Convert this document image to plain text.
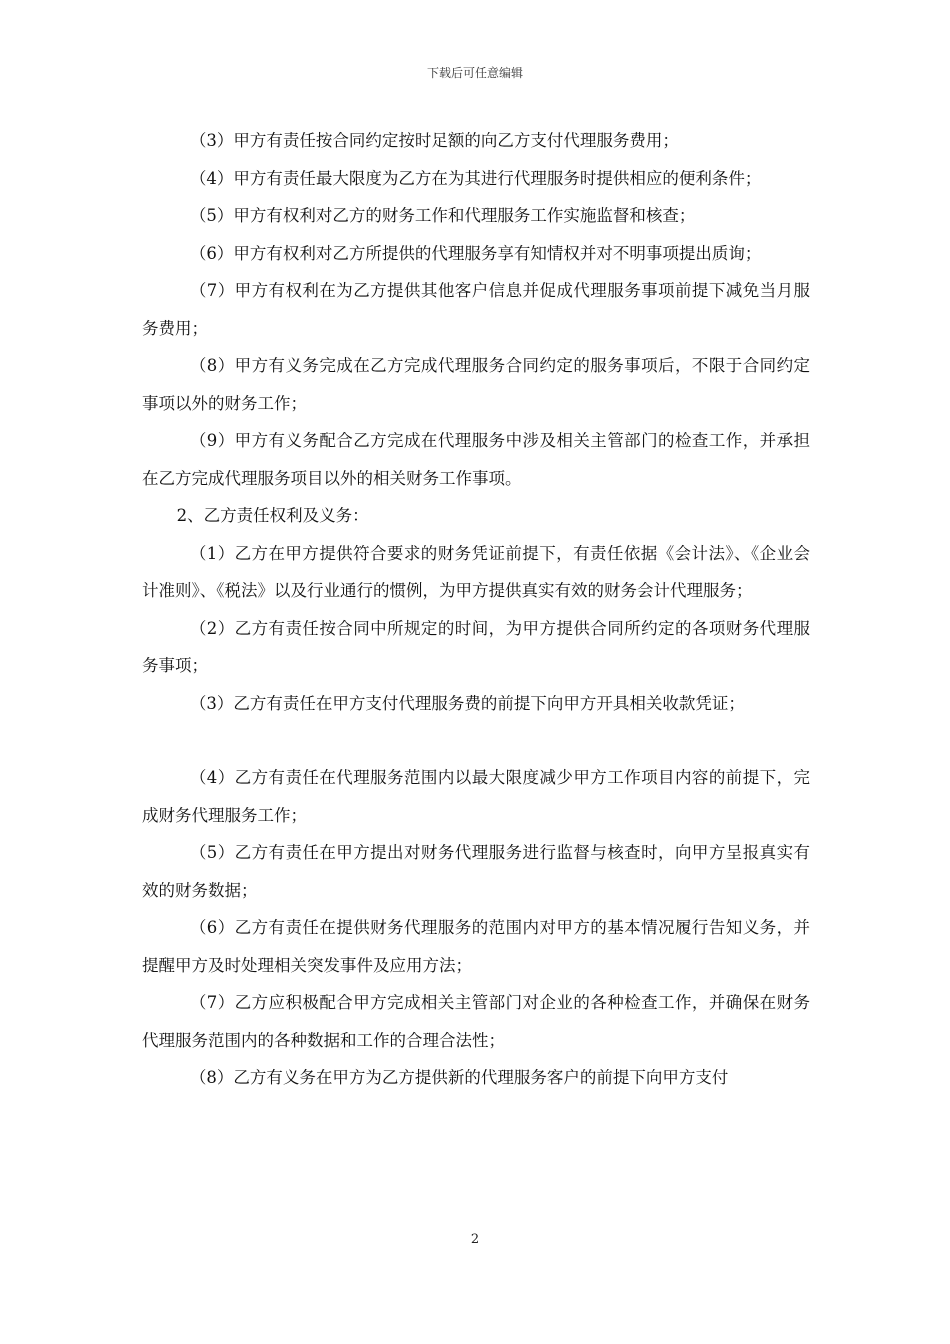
下载后可任意编辑

（3）甲方有责任按合同约定按时足额的向乙方支付代理服务费用；

（4）甲方有责任最大限度为乙方在为其进行代理服务时提供相应的便利条件；

（5）甲方有权利对乙方的财务工作和代理服务工作实施监督和核查；

（6）甲方有权利对乙方所提供的代理服务享有知情权并对不明事项提出质询；

（7）甲方有权利在为乙方提供其他客户信息并促成代理服务事项前提下减免当月服务费用；

（8）甲方有义务完成在乙方完成代理服务合同约定的服务事项后，不限于合同约定事项以外的财务工作；

（9）甲方有义务配合乙方完成在代理服务中涉及相关主管部门的检查工作，并承担在乙方完成代理服务项目以外的相关财务工作事项。

2、乙方责任权利及义务：

（1）乙方在甲方提供符合要求的财务凭证前提下，有责任依据《会计法》、《企业会计准则》、《税法》以及行业通行的惯例，为甲方提供真实有效的财务会计代理服务；

（2）乙方有责任按合同中所规定的时间，为甲方提供合同所约定的各项财务代理服务事项；

（3）乙方有责任在甲方支付代理服务费的前提下向甲方开具相关收款凭证；

（4）乙方有责任在代理服务范围内以最大限度减少甲方工作项目内容的前提下，完成财务代理服务工作；

（5）乙方有责任在甲方提出对财务代理服务进行监督与核查时，向甲方呈报真实有效的财务数据；

（6）乙方有责任在提供财务代理服务的范围内对甲方的基本情况履行告知义务，并提醒甲方及时处理相关突发事件及应用方法；

（7）乙方应积极配合甲方完成相关主管部门对企业的各种检查工作，并确保在财务代理服务范围内的各种数据和工作的合理合法性；

（8）乙方有义务在甲方为乙方提供新的代理服务客户的前提下向甲方支付

2
